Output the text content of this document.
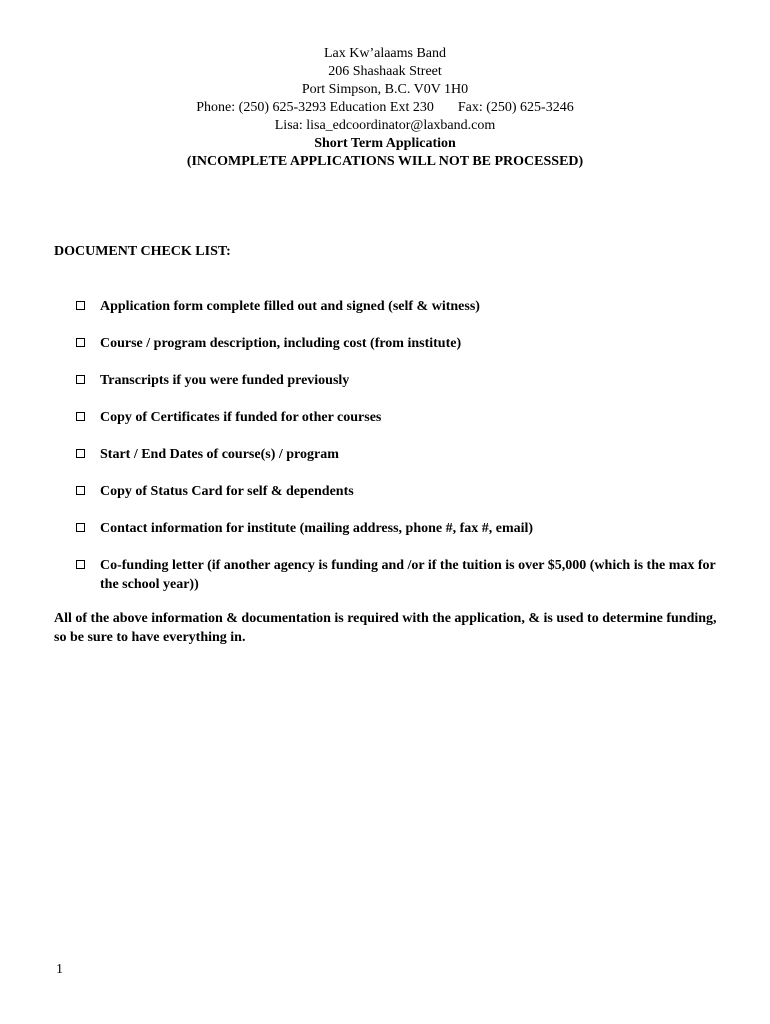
Lax Kw’alaams Band
206 Shashaak Street
Port Simpson, B.C. V0V 1H0
Phone: (250) 625-3293 Education Ext 230 Fax: (250) 625-3246
Lisa: lisa_edcoordinator@laxband.com
Short Term Application
(INCOMPLETE APPLICATIONS WILL NOT BE PROCESSED)
DOCUMENT CHECK LIST:
Application form complete filled out and signed (self & witness)
Course / program description, including cost (from institute)
Transcripts if you were funded previously
Copy of Certificates if funded for other courses
Start / End Dates of course(s) / program
Copy of Status Card for self & dependents
Contact information for institute (mailing address, phone #, fax #, email)
Co-funding letter (if another agency is funding and /or if the tuition is over $5,000 (which is the max for the school year))
All of the above information & documentation is required with the application, & is used to determine funding, so be sure to have everything in.
1
